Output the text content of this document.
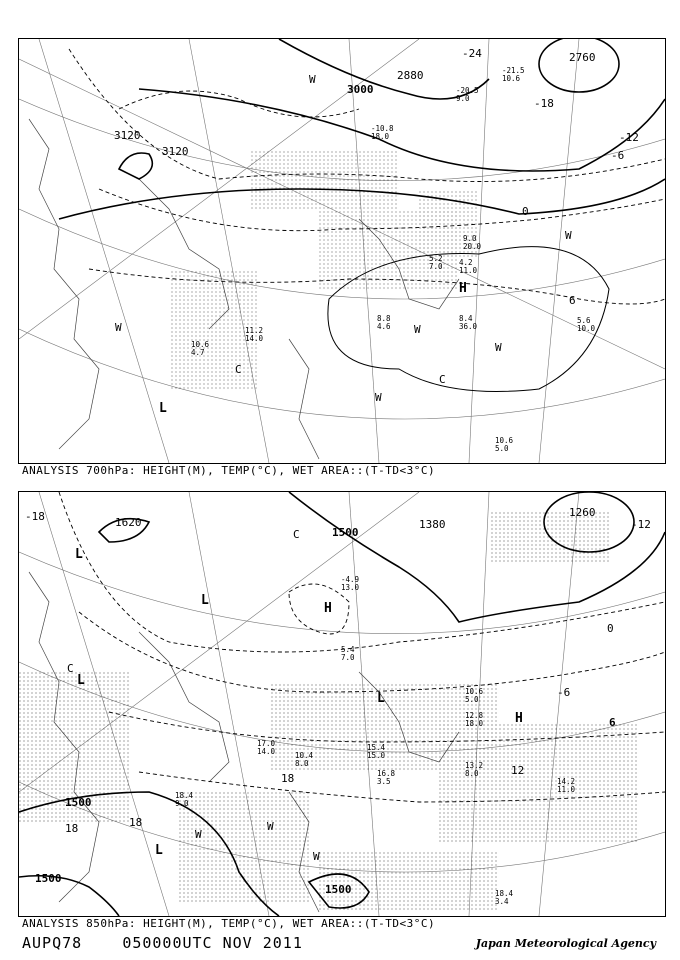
3120
3120
3000
2880
2760
-24
-18
-12
-6
0
6
H
L
W
W
W	W
W
W
C
C
10.6
5.0
8.4
36.0
8.8
4.6
9.0
20.0
4.2
11.0
5.2
7.0
5.6
10.0
11.2
14.0
10.6
4.7
-21.5
10.6
-20.5
9.0
-10.8
18.0
ANALYSIS 700hPa: HEIGHT(M), TEMP(°C), WET AREA::(T-TD<3°C)
1620
1500
1380
1260
1500
1500
1500
-18
-12
-6
0
6
12
18
18	18
H
H
L
L
L
L
L
C
C
W
W
W
18.4
3.4
14.2
11.0
13.2
8.0
16.8
3.5
10.6
5.0
12.8
18.0
15.4
15.0
10.4
8.0
17.0
14.0
18.4
9.0
-4.9
13.0
5.4
7.0
ANALYSIS 850hPa: HEIGHT(M), TEMP(°C), WET AREA::(T-TD<3°C)
AUPQ78	050000UTC NOV 2011	Japan Meteorological Agency
